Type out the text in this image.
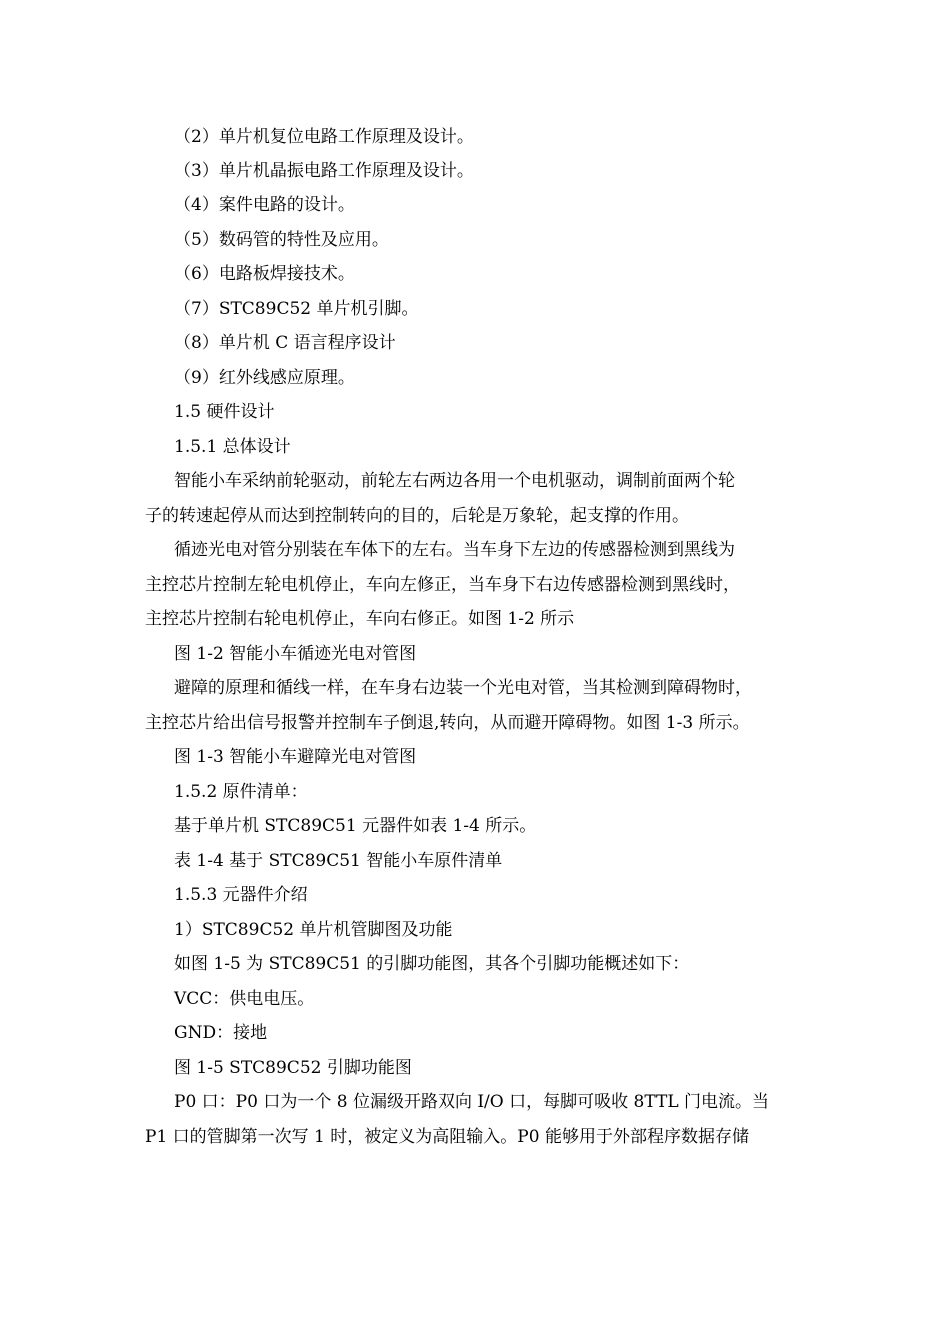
（2）单片机复位电路工作原理及设计。
（3）单片机晶振电路工作原理及设计。
（4）案件电路的设计。
（5）数码管的特性及应用。
（6）电路板焊接技术。
（7）STC89C52 单片机引脚。
（8）单片机 C 语言程序设计
（9）红外线感应原理。
1.5 硬件设计
1.5.1 总体设计
智能小车采纳前轮驱动，前轮左右两边各用一个电机驱动，调制前面两个轮
子的转速起停从而达到控制转向的目的，后轮是万象轮，起支撑的作用。
循迹光电对管分别装在车体下的左右。当车身下左边的传感器检测到黑线为
主控芯片控制左轮电机停止，车向左修正，当车身下右边传感器检测到黑线时，
主控芯片控制右轮电机停止，车向右修正。如图 1-2 所示
图 1-2 智能小车循迹光电对管图
避障的原理和循线一样，在车身右边装一个光电对管，当其检测到障碍物时，
主控芯片给出信号报警并控制车子倒退,转向，从而避开障碍物。如图 1-3 所示。
图 1-3 智能小车避障光电对管图
1.5.2 原件清单：
基于单片机 STC89C51 元器件如表 1-4 所示。
表 1-4 基于 STC89C51 智能小车原件清单
1.5.3 元器件介绍
1）STC89C52 单片机管脚图及功能
如图 1-5 为 STC89C51 的引脚功能图，其各个引脚功能概述如下：
VCC：供电电压。
GND：接地
图 1-5 STC89C52 引脚功能图
P0 口：P0 口为一个 8 位漏级开路双向 I/O 口，每脚可吸收 8TTL 门电流。当
P1 口的管脚第一次写 1 时，被定义为高阻输入。P0 能够用于外部程序数据存储
